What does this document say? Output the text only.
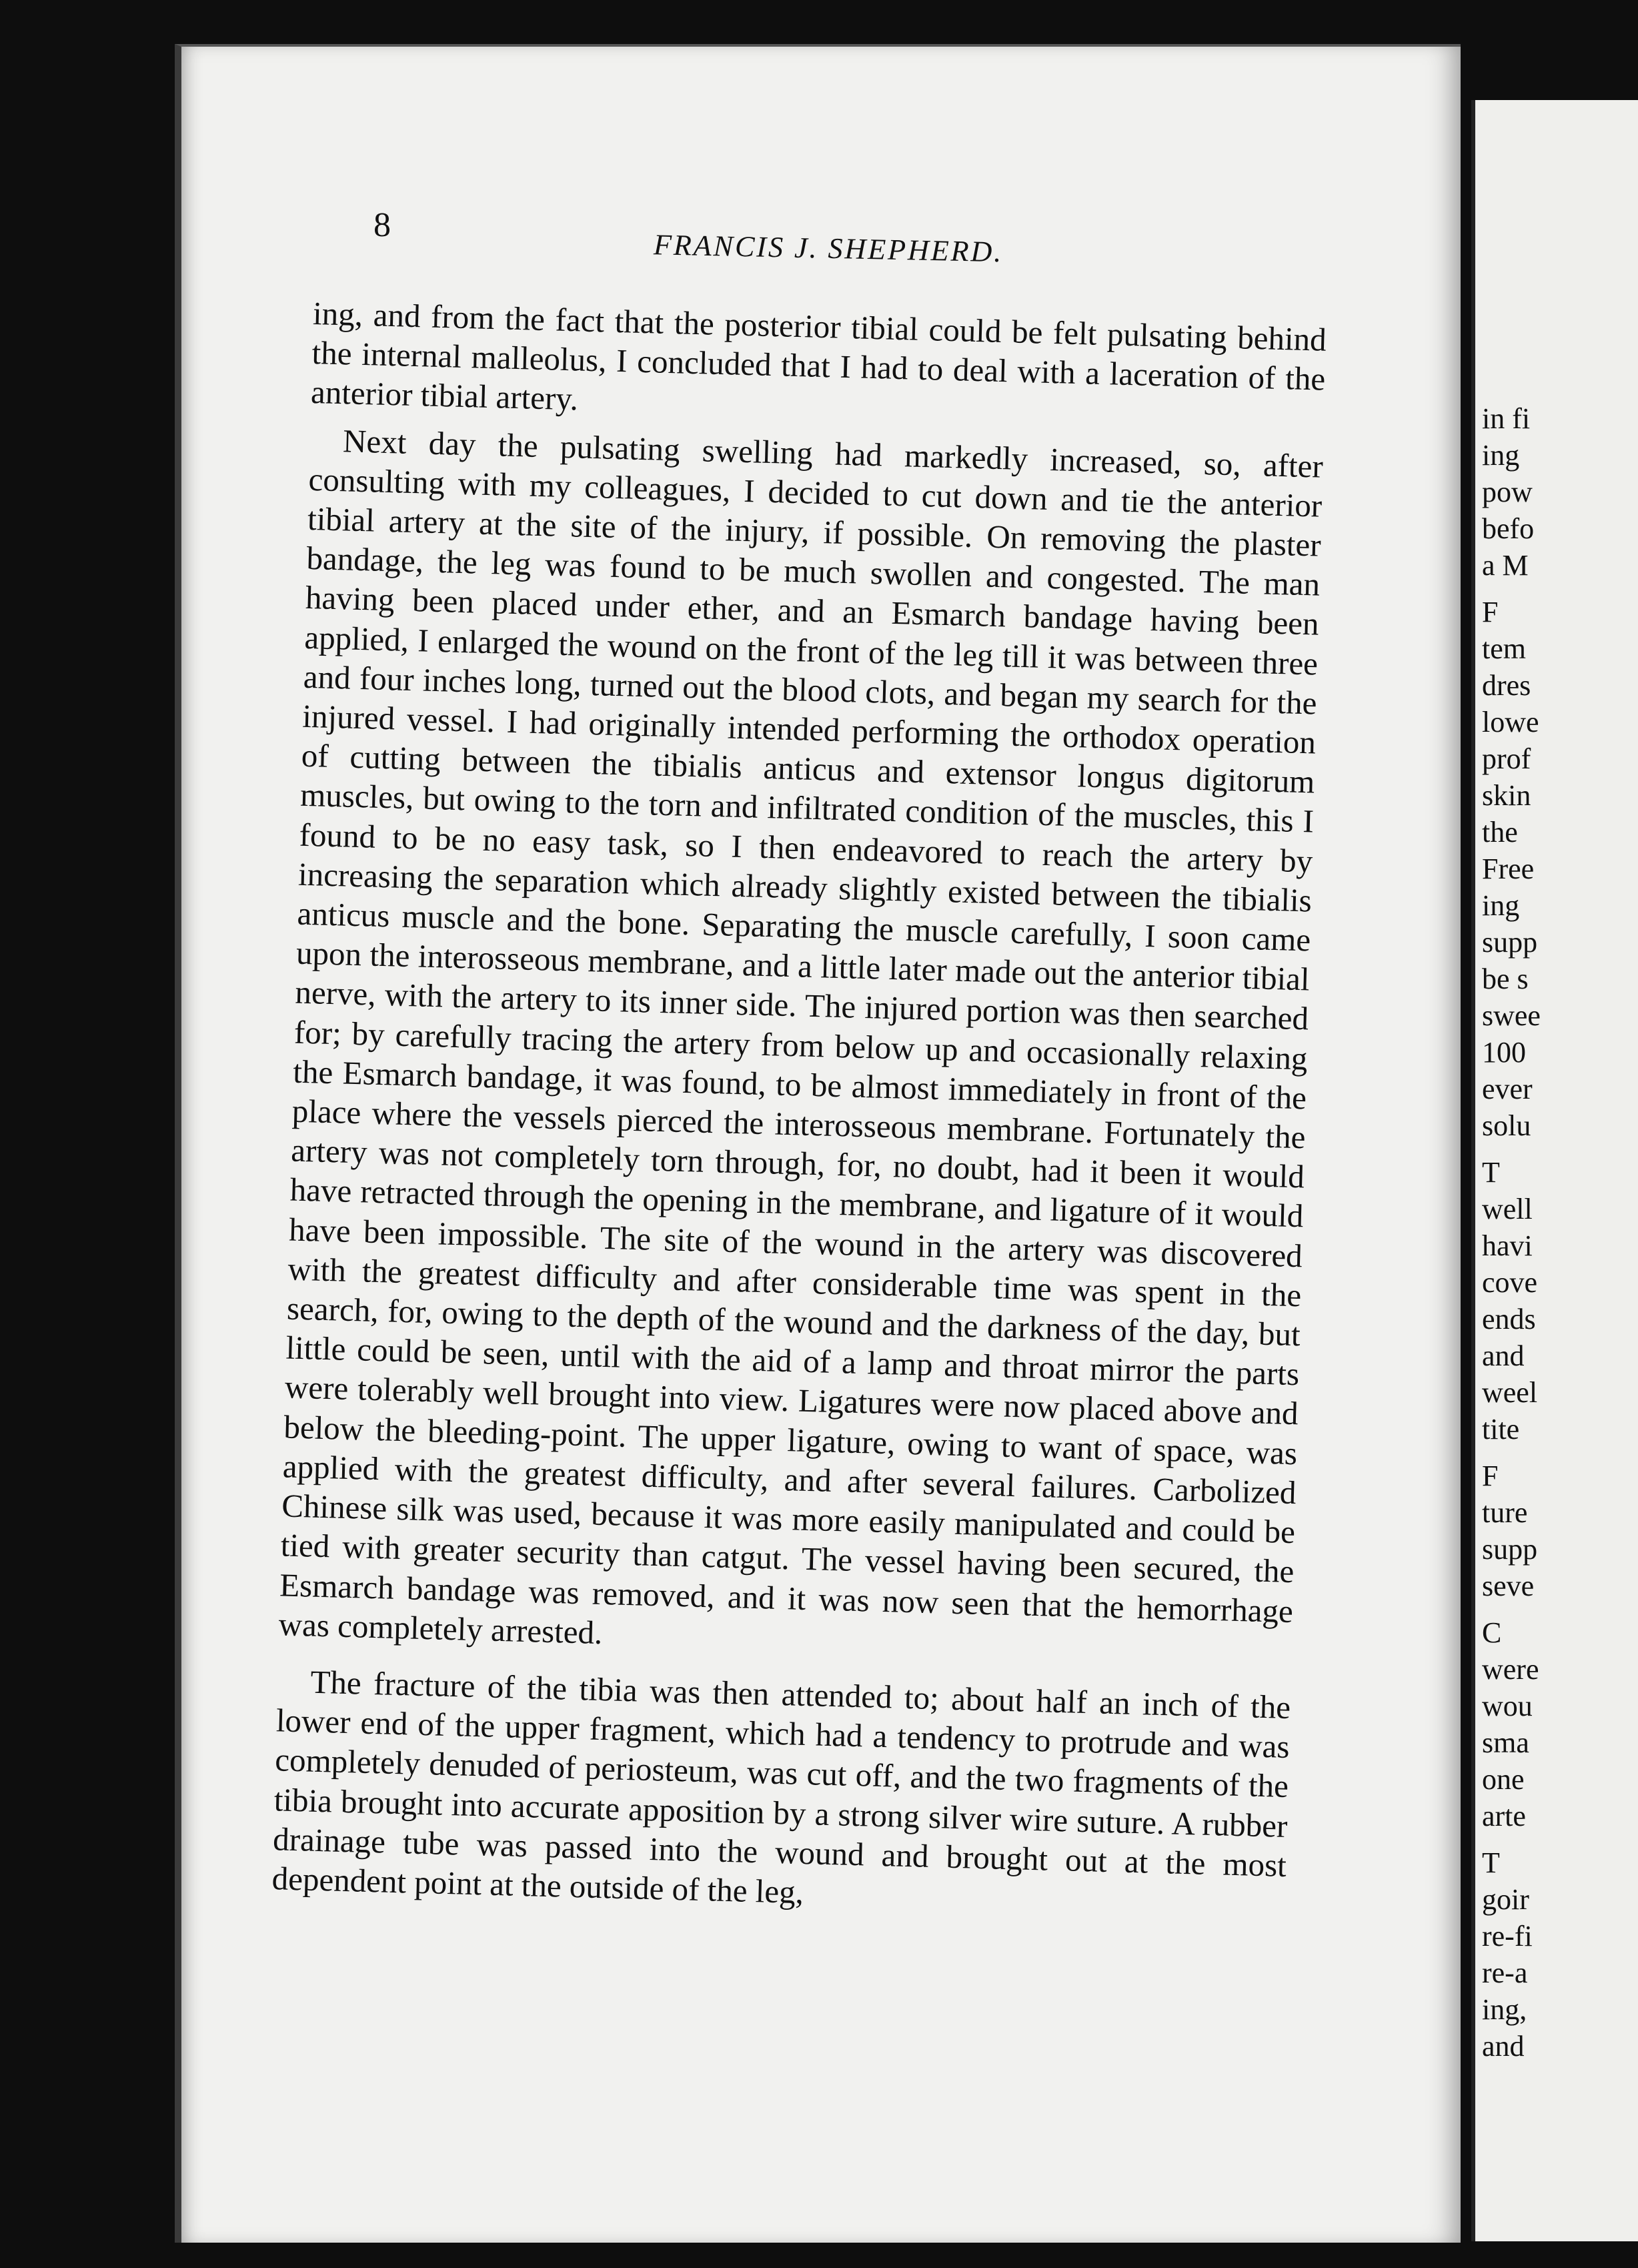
8
FRANCIS J. SHEPHERD.

ing, and from the fact that the posterior tibial could be felt pulsating behind the internal malleolus, I concluded that I had to deal with a laceration of the anterior tibial artery.

Next day the pulsating swelling had markedly increased, so, after consulting with my colleagues, I decided to cut down and tie the anterior tibial artery at the site of the injury, if possible. On removing the plaster bandage, the leg was found to be much swollen and congested. The man having been placed under ether, and an Esmarch bandage having been applied, I enlarged the wound on the front of the leg till it was between three and four inches long, turned out the blood clots, and began my search for the injured vessel. I had originally intended performing the orthodox operation of cutting between the tibialis anticus and extensor longus digitorum muscles, but owing to the torn and infiltrated condition of the muscles, this I found to be no easy task, so I then endeavored to reach the artery by increasing the separation which already slightly existed between the tibialis anticus muscle and the bone. Separating the muscle carefully, I soon came upon the interosseous membrane, and a little later made out the anterior tibial nerve, with the artery to its inner side. The injured portion was then searched for; by carefully tracing the artery from below up and occasionally relaxing the Esmarch bandage, it was found, to be almost immediately in front of the place where the vessels pierced the interosseous membrane. Fortunately the artery was not completely torn through, for, no doubt, had it been it would have retracted through the opening in the membrane, and ligature of it would have been impossible. The site of the wound in the artery was discovered with the greatest difficulty and after considerable time was spent in the search, for, owing to the depth of the wound and the darkness of the day, but little could be seen, until with the aid of a lamp and throat mirror the parts were tolerably well brought into view. Ligatures were now placed above and below the bleeding-point. The upper ligature, owing to want of space, was applied with the greatest difficulty, and after several failures. Carbolized Chinese silk was used, because it was more easily manipulated and could be tied with greater security than catgut. The vessel having been secured, the Esmarch bandage was removed, and it was now seen that the hemorrhage was completely arrested.

The fracture of the tibia was then attended to; about half an inch of the lower end of the upper fragment, which had a tendency to protrude and was completely denuded of periosteum, was cut off, and the two fragments of the tibia brought into accurate apposition by a strong silver wire suture. A rubber drainage tube was passed into the wound and brought out at the most dependent point at the outside of the leg,

in fi

ing

pow

befo

a M

F

tem

dres

lowe

prof

skin

the

Free

ing

supp

be s

swee

100

ever

solu

T

well

havi

cove

ends

and

weel

tite

F

ture

supp

seve

C

were

wou

sma

one

arte

T

goir

re-fi

re-a

ing,

and
